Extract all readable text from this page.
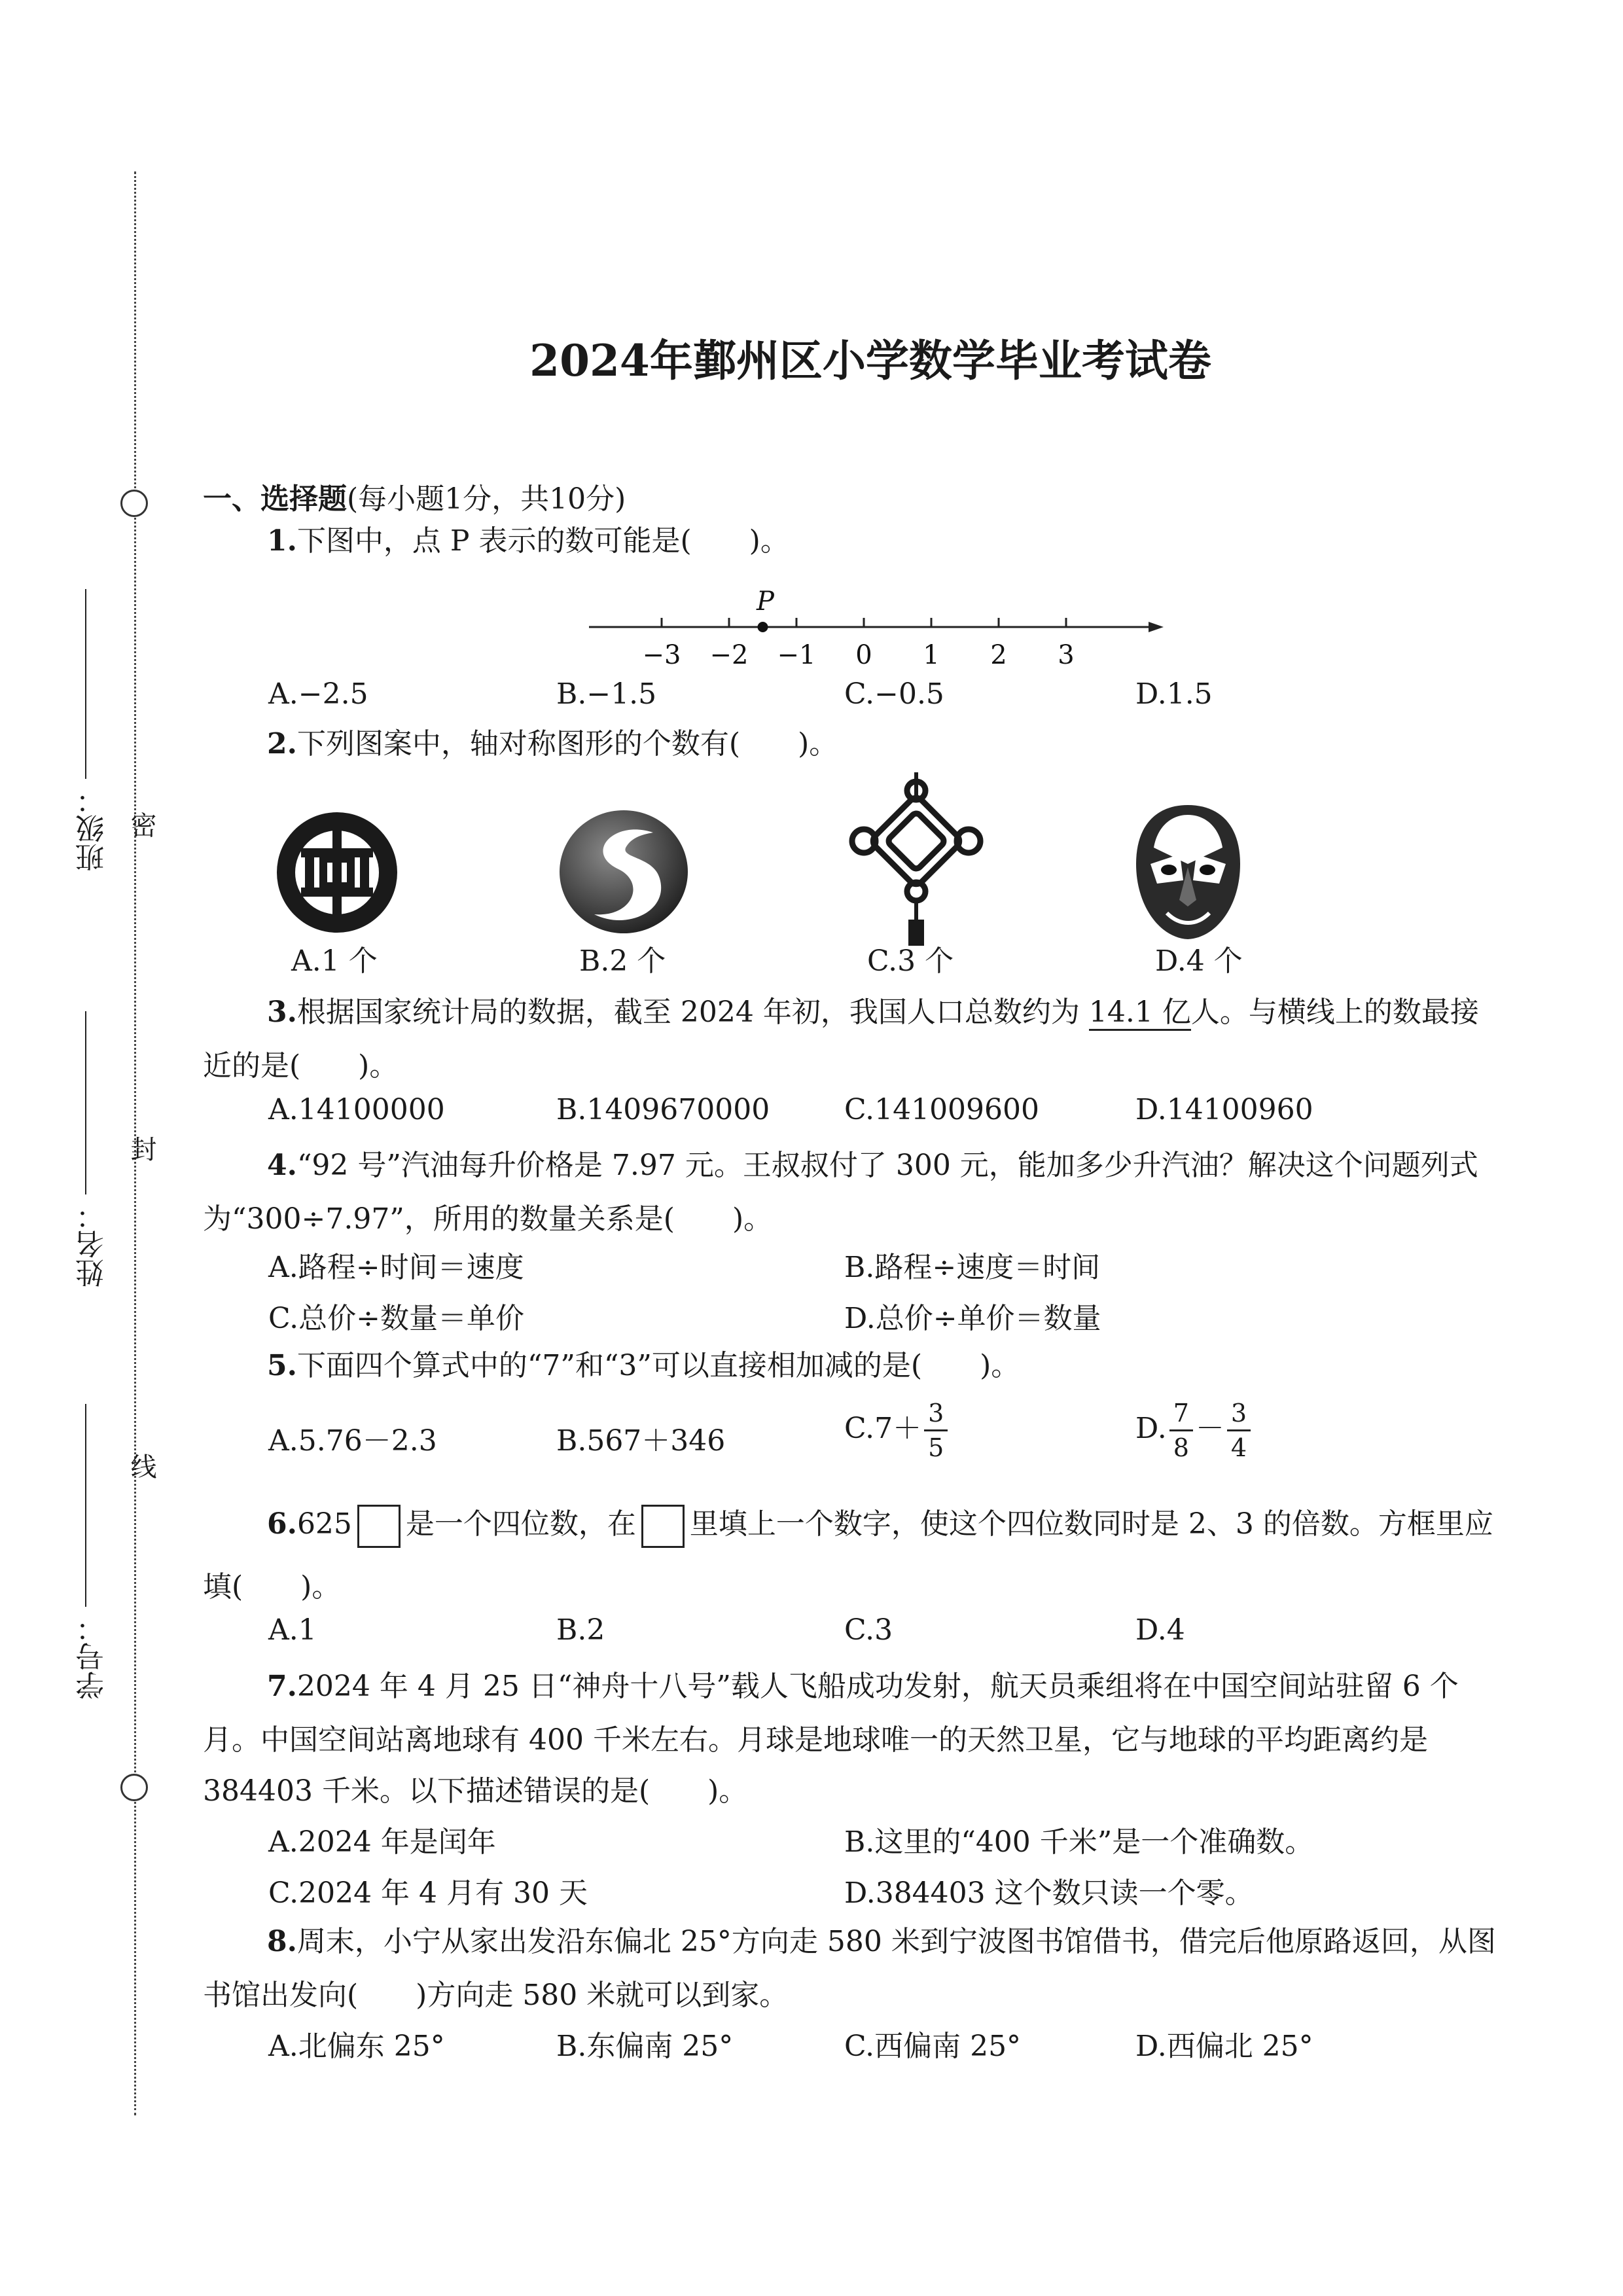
班级：
姓名：
学号：
密
封
线
2024年鄞州区小学数学毕业考试卷
一、选择题(每小题1分，共10分)
1.下图中，点 P 表示的数可能是(　　)。
−3 −2 −1 0 1 2 3
P
A.−2.5	B.−1.5	C.−0.5	D.1.5
2.下列图案中，轴对称图形的个数有(　　)。
A.1 个	B.2 个	C.3 个	D.4 个
3.根据国家统计局的数据，截至 2024 年初，我国人口总数约为 14.1 亿人。与横线上的数最接
近的是(　　)。
A.14100000	B.1409670000	C.141009600	D.14100960
4.“92 号”汽油每升价格是 7.97 元。王叔叔付了 300 元，能加多少升汽油？解决这个问题列式
为“300÷7.97”，所用的数量关系是(　　)。
A.路程÷时间＝速度	B.路程÷速度＝时间
C.总价÷数量＝单价	D.总价÷单价＝数量
5.下面四个算式中的“7”和“3”可以直接相加减的是(　　)。
A.5.76－2.3	B.567＋346	$C.7+ \frac{3}{5}$	D. $\frac{7}{8} - \frac{3}{4}$
6.625 是一个四位数，在 里填上一个数字，使这个四位数同时是 2、3 的倍数。方框里应
填(　　)。
A.1	B.2	C.3	D.4
7.2024 年 4 月 25 日“神舟十八号”载人飞船成功发射，航天员乘组将在中国空间站驻留 6 个
月。中国空间站离地球有 400 千米左右。月球是地球唯一的天然卫星，它与地球的平均距离约是
384403 千米。以下描述错误的是(　　)。
A.2024 年是闰年	B.这里的“400 千米”是一个准确数。
C.2024 年 4 月有 30 天	D.384403 这个数只读一个零。
8.周末，小宁从家出发沿东偏北 25°方向走 580 米到宁波图书馆借书，借完后他原路返回，从图
书馆出发向(　　)方向走 580 米就可以到家。
A.北偏东 25°	B.东偏南 25°	C.西偏南 25°	D.西偏北 25°
